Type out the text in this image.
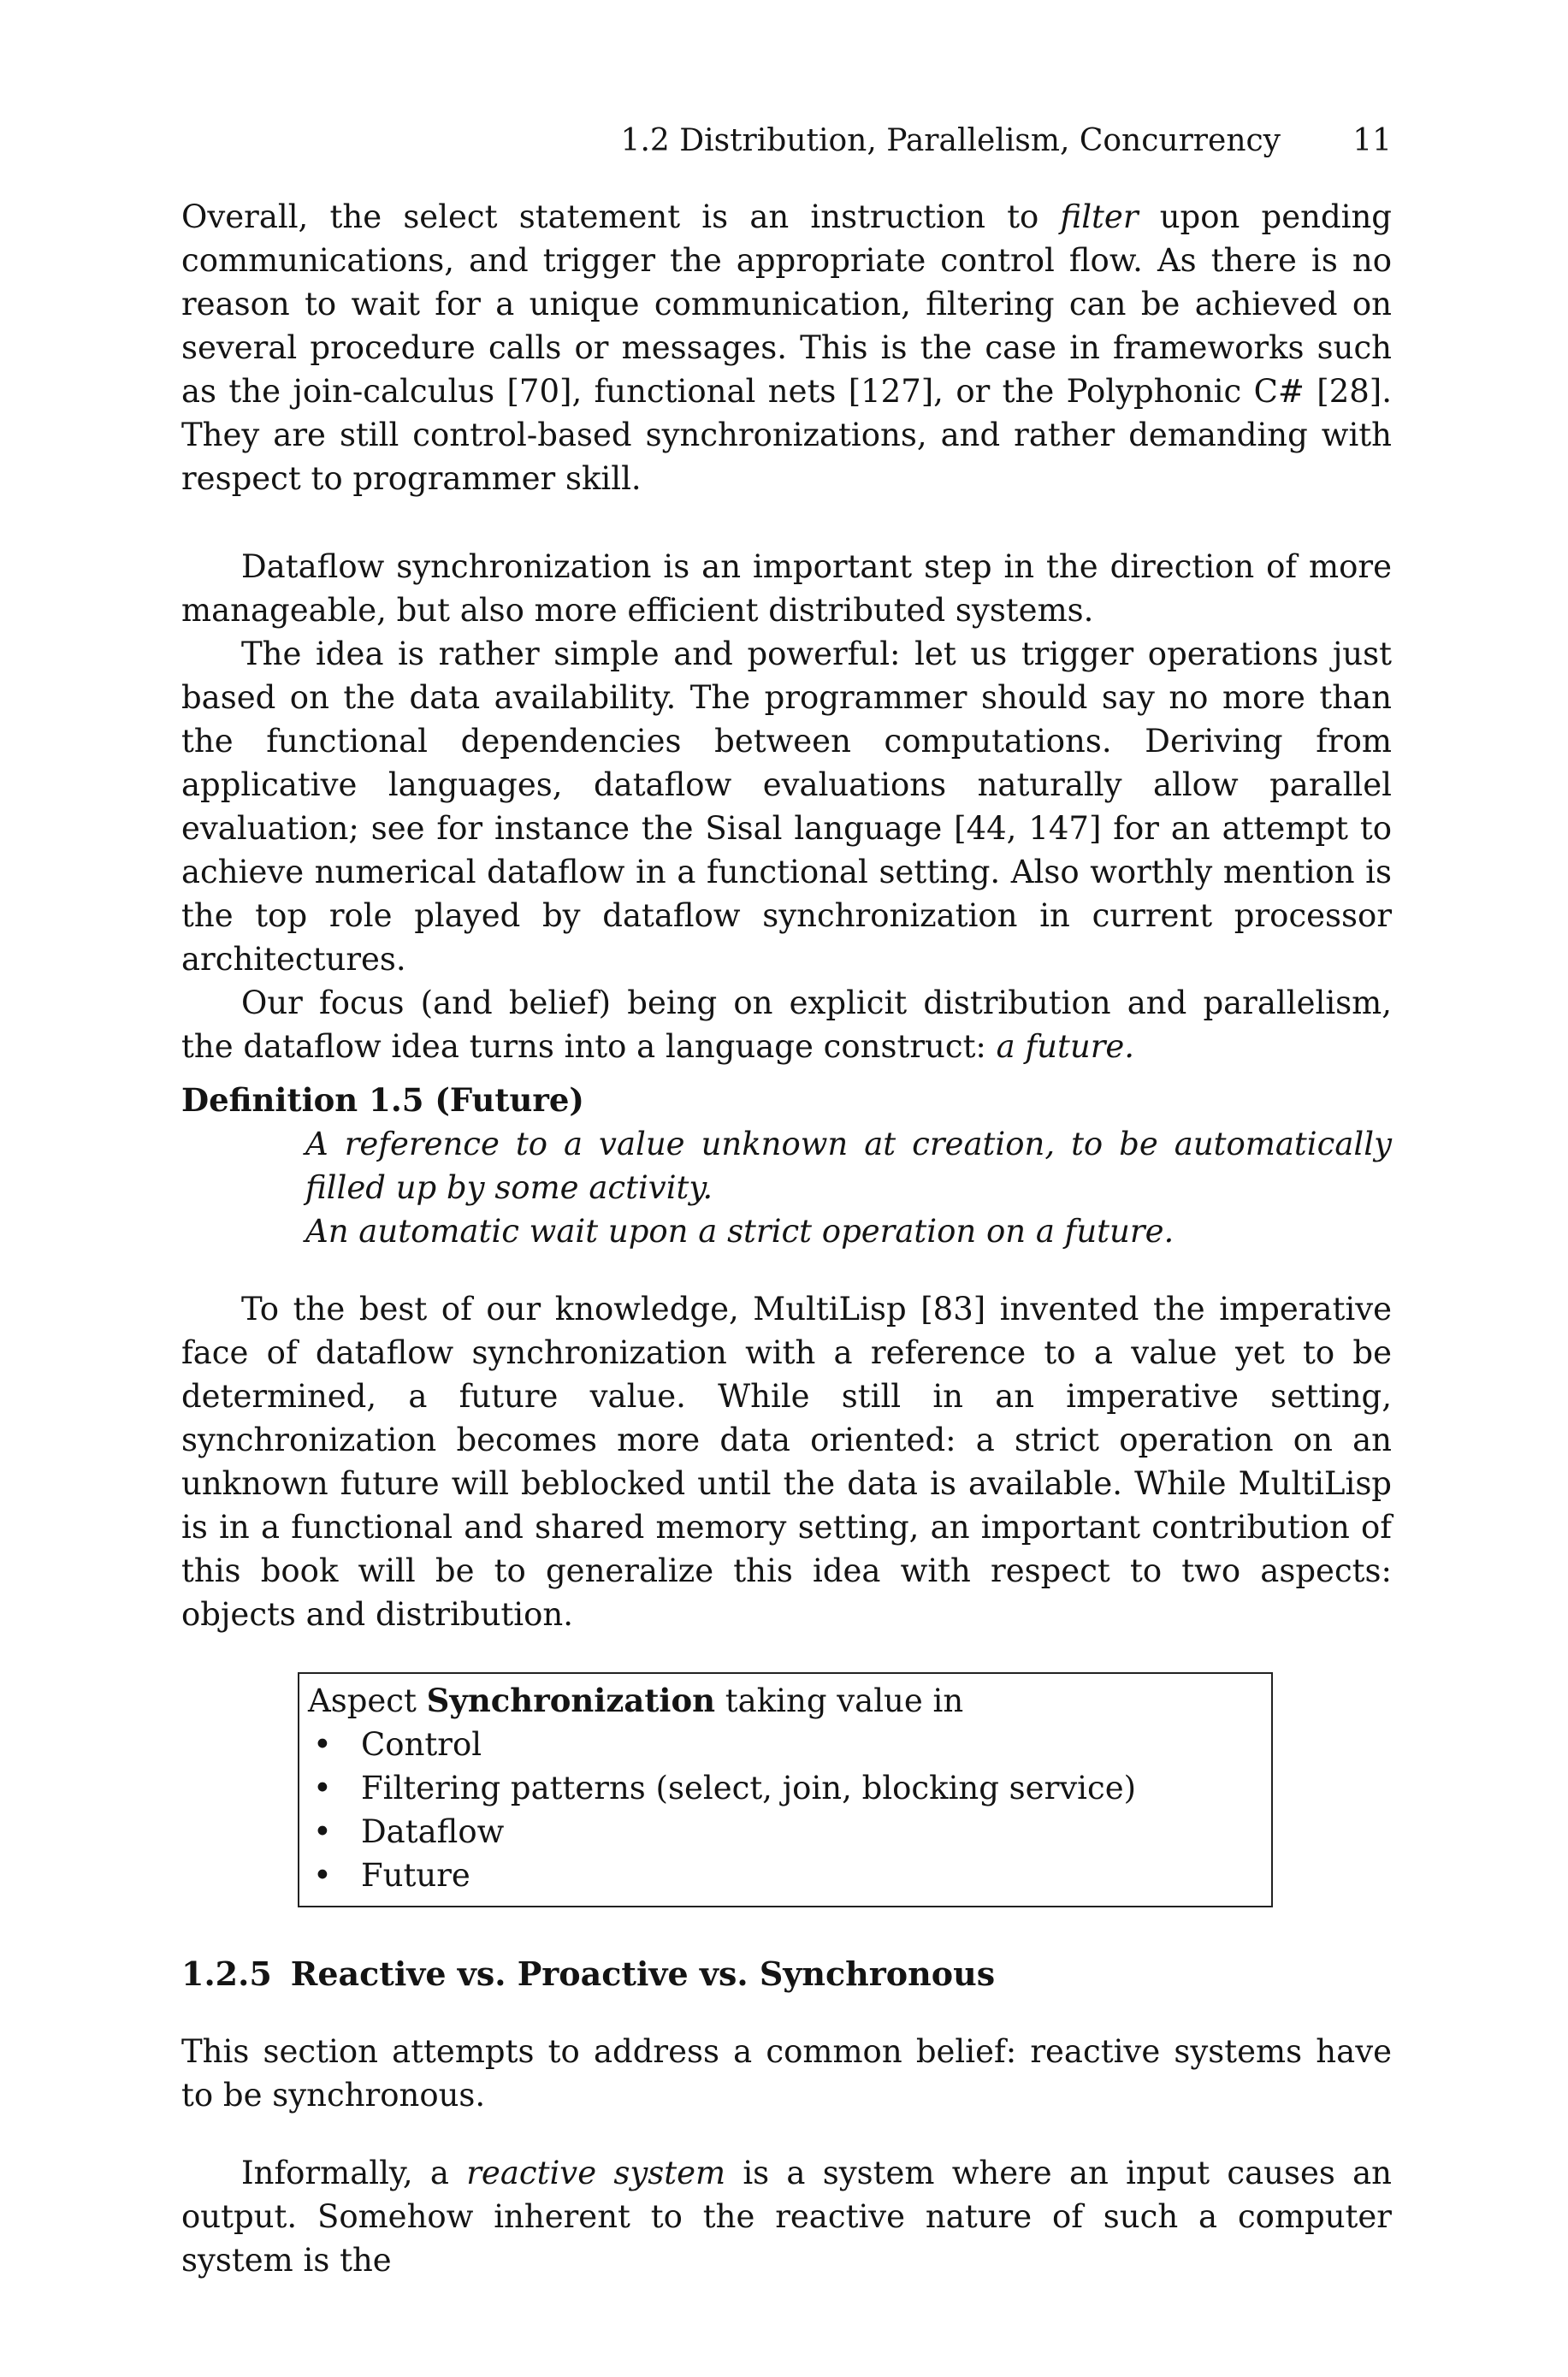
1.2 Distribution, Parallelism, Concurrency 11

Overall, the select statement is an instruction to filter upon pending communications, and trigger the appropriate control flow. As there is no reason to wait for a unique communication, filtering can be achieved on several procedure calls or messages. This is the case in frameworks such as the join-calculus [70], functional nets [127], or the Polyphonic C# [28]. They are still control-based synchronizations, and rather demanding with respect to programmer skill.

Dataflow synchronization is an important step in the direction of more manageable, but also more efficient distributed systems.

The idea is rather simple and powerful: let us trigger operations just based on the data availability. The programmer should say no more than the functional dependencies between computations. Deriving from applicative languages, dataflow evaluations naturally allow parallel evaluation; see for instance the Sisal language [44, 147] for an attempt to achieve numerical dataflow in a functional setting. Also worthly mention is the top role played by dataflow synchronization in current processor architectures.

Our focus (and belief) being on explicit distribution and parallelism, the dataflow idea turns into a language construct: a future.

Definition 1.5 (Future)
A reference to a value unknown at creation, to be automatically filled up by some activity.
An automatic wait upon a strict operation on a future.

To the best of our knowledge, MultiLisp [83] invented the imperative face of dataflow synchronization with a reference to a value yet to be determined, a future value. While still in an imperative setting, synchronization becomes more data oriented: a strict operation on an unknown future will beblocked until the data is available. While MultiLisp is in a functional and shared memory setting, an important contribution of this book will be to generalize this idea with respect to two aspects: objects and distribution.

Aspect Synchronization taking value in
• Control
• Filtering patterns (select, join, blocking service)
• Dataflow
• Future
1.2.5 Reactive vs. Proactive vs. Synchronous

This section attempts to address a common belief: reactive systems have to be synchronous.

Informally, a reactive system is a system where an input causes an output. Somehow inherent to the reactive nature of such a computer system is the
